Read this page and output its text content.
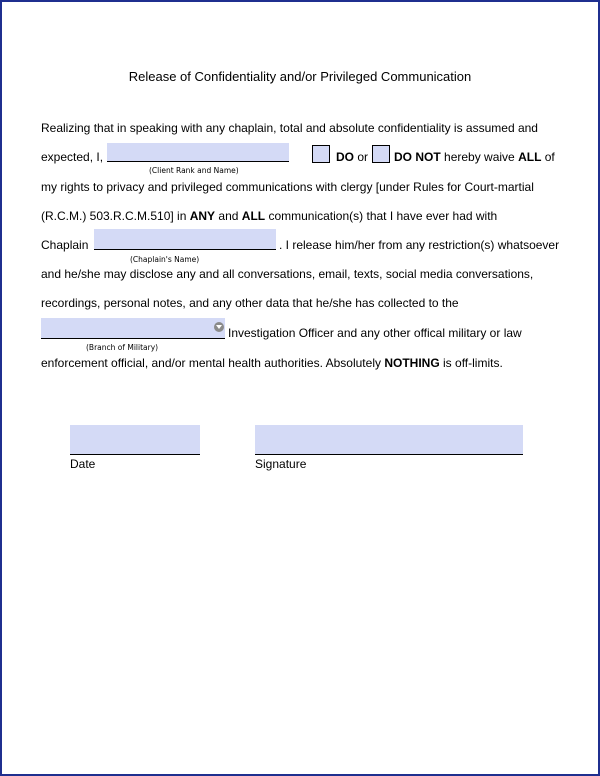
Release of Confidentiality and/or Privileged Communication
Realizing that in speaking with any chaplain, total and absolute confidentiality is assumed and
expected, I,
(Client Rank and Name)
DO or DO NOT hereby waive ALL of
my rights to privacy and privileged communications with clergy [under Rules for Court-martial
(R.C.M.) 503.R.C.M.510] in ANY and ALL communication(s) that I have ever had with
Chaplain
(Chaplain's Name)
. I release him/her from any restriction(s) whatsoever
and he/she may disclose any and all conversations, email, texts, social media conversations,
recordings, personal notes, and any other data that he/she has collected to the
(Branch of Military)
Investigation Officer and any other offical military or law
enforcement official, and/or mental health authorities. Absolutely NOTHING is off-limits.
Date	Signature
